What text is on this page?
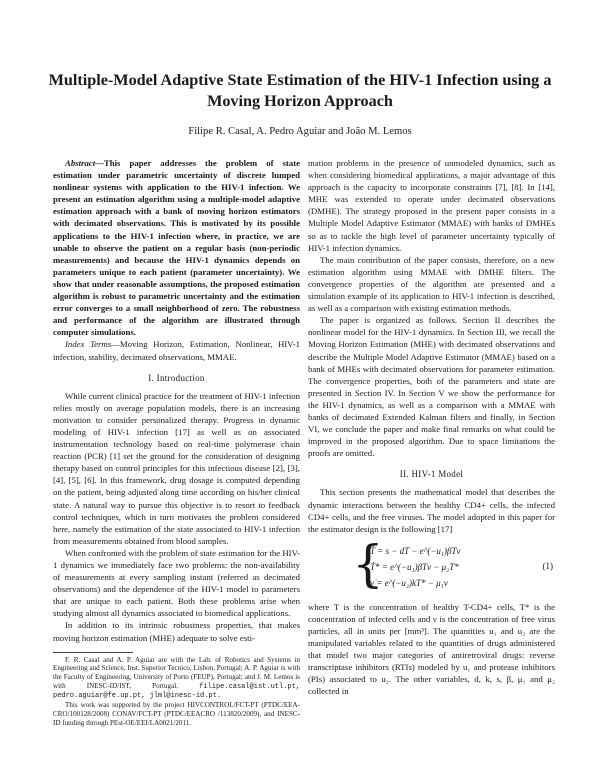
Multiple-Model Adaptive State Estimation of the HIV-1 Infection using a Moving Horizon Approach
Filipe R. Casal, A. Pedro Aguiar and João M. Lemos

Abstract—This paper addresses the problem of state estimation under parametric uncertainty of discrete lumped nonlinear systems with application to the HIV-1 infection. We present an estimation algorithm using a multiple-model adaptive estimation approach with a bank of moving horizon estimators with decimated observations. This is motivated by its possible applications to the HIV-1 infection where, in practice, we are unable to observe the patient on a regular basis (non-periodic measurements) and because the HIV-1 dynamics depends on parameters unique to each patient (parameter uncertainty). We show that under reasonable assumptions, the proposed estimation algorithm is robust to parametric uncertainty and the estimation error converges to a small neighborhood of zero. The robustness and performance of the algorithm are illustrated through computer simulations.

Index Terms—Moving Horizon, Estimation, Nonlinear, HIV-1 infection, stability, decimated observations, MMAE.

I. Introduction

While current clinical practice for the treatment of HIV-1 infection relies mostly on average population models, there is an increasing motivation to consider personalized therapy. Progress in dynamic modeling of HIV-1 infection [17] as well as on associated instrumentation technology based on real-time polymerase chain reaction (PCR) [1] set the ground for the consideration of designing therapy based on control principles for this infectious disease [2], [3], [4], [5], [6]. In this framework, drug dosage is computed depending on the patient, being adjusted along time according on his/her clinical state. A natural way to pursue this objective is to resort to feedback control techniques, which in turn motivates the problem considered here, namely the estimation of the state associated to HIV-1 infection from measurements obtained from blood samples.

When confronted with the problem of state estimation for the HIV-1 dynamics we immediately face two problems: the non-availability of measurements at every sampling instant (referred as decimated observations) and the dependence of the HIV-1 model to parameters that are unique to each patient. Both these problems arise when studying almost all dynamics associated to biomedical applications.

In addition to its intrinsic robustness properties, that makes moving horizon estimation (MHE) adequate to solve esti-

F. R. Casal and A. P. Aguiar are with the Lab. of Robotics and Systems in Engineering and Science, Inst. Superior Tecnico, Lisbon, Portugal; A. P. Aguiar is with the Faculty of Engineering, University of Porto (FEUP), Portugal; and J. M. Lemos is with INESC-ID/IST, Portugal.	filipe.casal@ist.utl.pt, pedro.aguiar@fe.up.pt, jlml@inesc-id.pt.

This work was supported by the project HIVCONTROL/FCT-PT (PTDC/EEA-CRO/100128/2008) CONAV/FCT-PT (PTDC/EEACRO /113820/2009), and INESC-ID funding through PEst-OE/EEI/LA0021/2011.

mation problems in the presence of unmodeled dynamics, such as when considering biomedical applications, a major advantage of this approach is the capacity to incorporate constraints [7], [8]. In [14], MHE was extended to operate under decimated observations (DMHE). The strategy proposed in the present paper consists in a Multiple Model Adaptive Estimator (MMAE) with banks of DMHEs so as to tackle the high level of parameter uncertainty typically of HIV-1 infection dynamics.

The main contribution of the paper consists, therefore, on a new estimation algorithm using MMAE with DMHE filters. The convergence properties of the algorithm are presented and a simulation example of its application to HIV-1 infection is described, as well as a comparison with existing estimation methods.

The paper is organized as follows. Section II describes the nonlinear model for the HIV-1 dynamics. In Section III, we recall the Moving Horizon Estimation (MHE) with decimated observations and describe the Multiple Model Adaptive Estimator (MMAE) based on a bank of MHEs with decimated observations for parameter estimation. The convergence properties, both of the parameters and state are presented in Section IV. In Section V we show the performance for the HIV-1 dynamics, as well as a comparison with a MMAE with banks of decimated Extended Kalman filters and finally, in Section VI, we conclude the paper and make final remarks on what could be improved in the proposed algorithm. Due to space limitations the proofs are omitted.

II. HIV-1 Model

This section presents the mathematical model that describes the dynamic interactions between the healthy CD4+ cells, the infected CD4+ cells, and the free viruses. The model adopted in this paper for the estimator design is the following [17]

{
Ṫ = s − dT − e^(−u₁)βTν
Ṫ* = e^(−u₁)βTν − μ₂T*
ν̇ = e^(−u₂)kT* − μ₁ν
(1)

where T is the concentration of healthy T-CD4+ cells, T* is the concentration of infected cells and ν is the concentration of free virus particles, all in units per [mm³]. The quantities u₁ and u₂ are the manipulated variables related to the quantities of drugs administered that model two major categories of antiretroviral drugs: reverse transcriptase inhibitors (RTIs) modeled by u₁ and protease inhibitors (PIs) associated to u₂. The other variables, d, k, s, β, μ₁ and μ₂ collected in
